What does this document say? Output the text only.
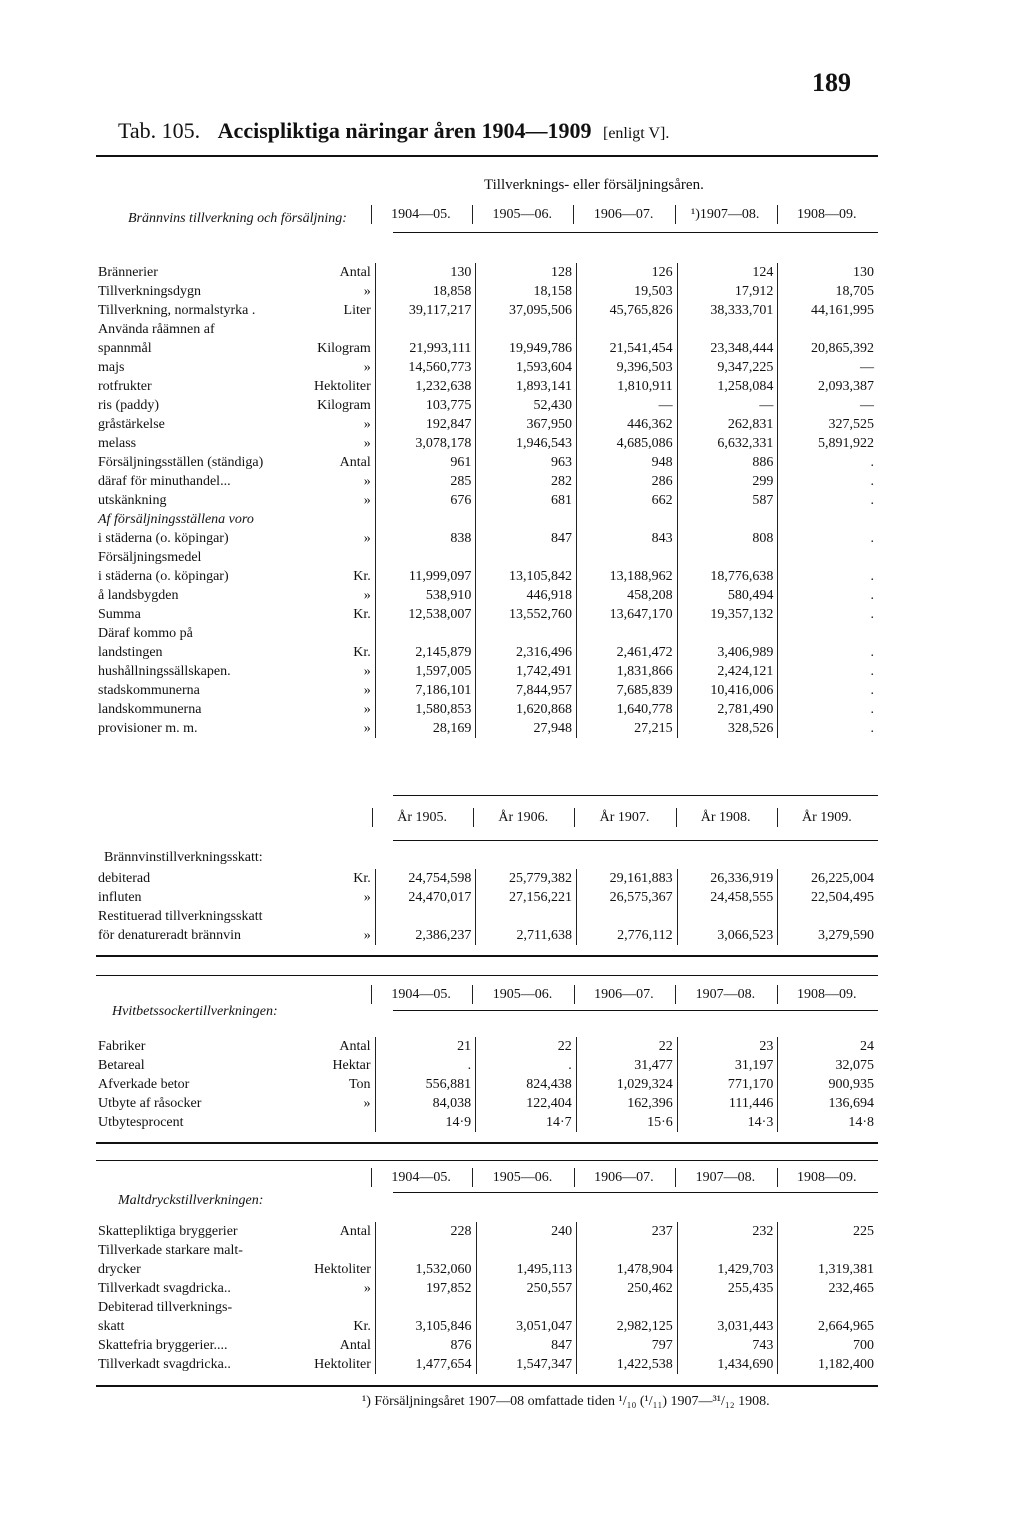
189
Tab. 105. Accispliktiga näringar åren 1904—1909 [enligt V].
Tillverknings- eller försäljningsåren.
Brännvins tillverkning och försäljning:
		1904—05.	1905—06.	1906—07.	¹)1907—08.	1908—09.
Brännerier Antal	130	128	126	124	130

Tillverkningsdygn »	18,858	18,158	19,503	17,912	18,705

Tillverkning, normalstyrka . Liter	39,117,217	37,095,506	45,765,826	38,333,701	44,161,995

Använda råämnen af					

spannmål Kilogram	21,993,111	19,949,786	21,541,454	23,348,444	20,865,392

majs »	14,560,773	1,593,604	9,396,503	9,347,225	—

rotfrukter Hektoliter	1,232,638	1,893,141	1,810,911	1,258,084	2,093,387

ris (paddy) Kilogram	103,775	52,430	—	—	—

gråstärkelse »	192,847	367,950	446,362	262,831	327,525

melass »	3,078,178	1,946,543	4,685,086	6,632,331	5,891,922

Försäljningsställen (ständiga) Antal	961	963	948	886	.

däraf för minuthandel... »	285	282	286	299	.

utskänkning »	676	681	662	587	.

Af försäljningsställena voro					

i städerna (o. köpingar) »	838	847	843	808	.

Försäljningsmedel					

i städerna (o. köpingar) Kr.	11,999,097	13,105,842	13,188,962	18,776,638	.

å landsbygden »	538,910	446,918	458,208	580,494	.

Summa Kr.	12,538,007	13,552,760	13,647,170	19,357,132	.

Däraf kommo på					

landstingen Kr.	2,145,879	2,316,496	2,461,472	3,406,989	.

hushållningssällskapen. »	1,597,005	1,742,491	1,831,866	2,424,121	.

stadskommunerna »	7,186,101	7,844,957	7,685,839	10,416,006	.

landskommunerna »	1,580,853	1,620,868	1,640,778	2,781,490	.

provisioner m. m. »	28,169	27,948	27,215	328,526	.
	År 1905.	År 1906.	År 1907.	År 1908.	År 1909.
Brännvinstillverkningsskatt:
debiterad Kr.	24,754,598	25,779,382	29,161,883	26,336,919	26,225,004

influten »	24,470,017	27,156,221	26,575,367	24,458,555	22,504,495

Restituerad tillverkningsskatt					

för denatureradt brännvin »	2,386,237	2,711,638	2,776,112	3,066,523	3,279,590
	1904—05.	1905—06.	1906—07.	1907—08.	1908—09.
Hvitbetssockertillverkningen:
Fabriker Antal	21	22	22	23	24

Betareal Hektar	.	.	31,477	31,197	32,075

Afverkade betor Ton	556,881	824,438	1,029,324	771,170	900,935

Utbyte af råsocker »	84,038	122,404	162,396	111,446	136,694

Utbytesprocent	14·9	14·7	15·6	14·3	14·8
	1904—05.	1905—06.	1906—07.	1907—08.	1908—09.
Maltdryckstillverkningen:
Skattepliktiga bryggerier Antal	228	240	237	232	225

Tillverkade starkare malt-					

drycker Hektoliter	1,532,060	1,495,113	1,478,904	1,429,703	1,319,381

Tillverkadt svagdricka.. »	197,852	250,557	250,462	255,435	232,465

Debiterad tillverknings-					

skatt Kr.	3,105,846	3,051,047	2,982,125	3,031,443	2,664,965

Skattefria bryggerier.... Antal	876	847	797	743	700

Tillverkadt svagdricka.. Hektoliter	1,477,654	1,547,347	1,422,538	1,434,690	1,182,400
¹) Försäljningsåret 1907—08 omfattade tiden ¹/₁₀ (¹/₁₁) 1907—³¹/₁₂ 1908.
